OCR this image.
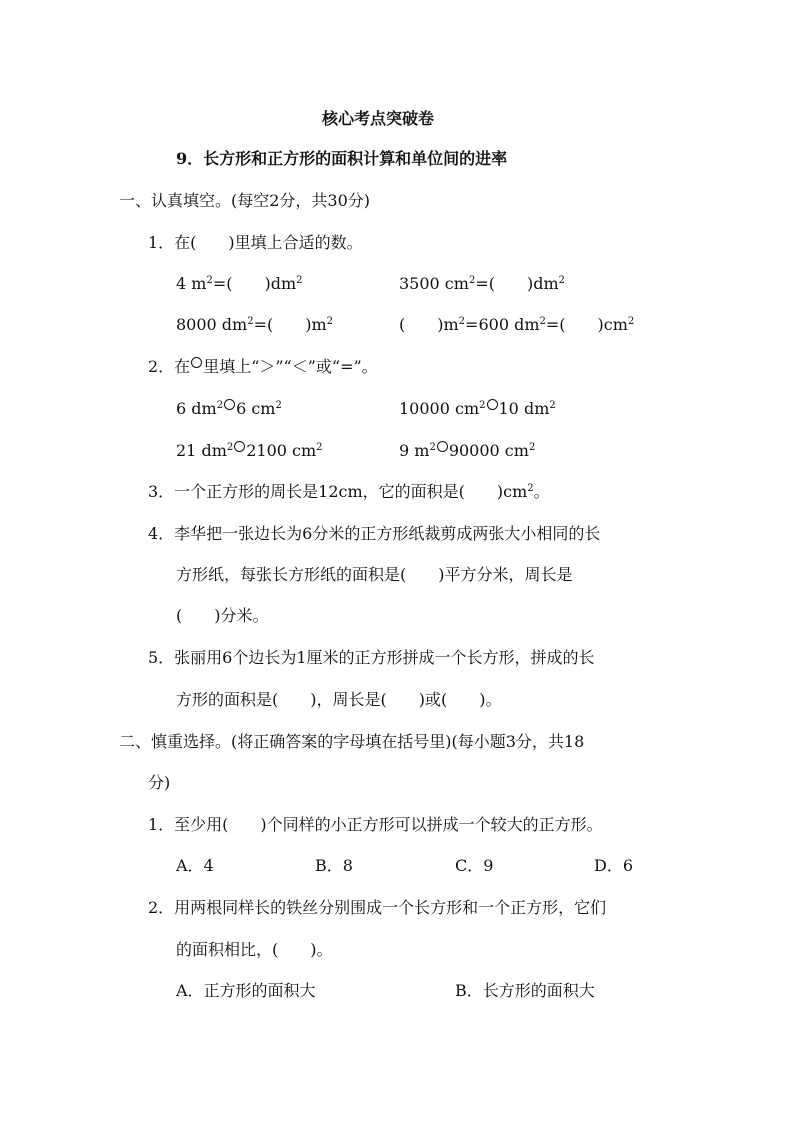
核心考点突破卷
9．长方形和正方形的面积计算和单位间的进率
一、认真填空。(每空2分，共30分)
1．在(　　)里填上合适的数。
4 $m^2=$(　　)$dm^2$	3500 $cm^2=$(　　)$dm^2$
8000 $dm^2=$(　　)$m^2$	(　　)$m^2=600$ $dm^2=$(　　)$cm^2$
2．在 里填上“＞”“＜”或“=”。
6 $dm^2$ 6 $cm^2$	10000 $cm^2$ 10 $dm^2$
21 $dm^2$ 2100 $cm^2$	9 $m^2$ 90000 $cm^2$
3．一个正方形的周长是12cm，它的面积是(　　)$cm^2$。
4．李华把一张边长为6分米的正方形纸裁剪成两张大小相同的长
方形纸，每张长方形纸的面积是(　　)平方分米，周长是
(　　)分米。
5．张丽用6个边长为1厘米的正方形拼成一个长方形，拼成的长
方形的面积是(　　)，周长是(　　)或(　　)。
二、慎重选择。(将正确答案的字母填在括号里)(每小题3分，共18
分)
1．至少用(　　)个同样的小正方形可以拼成一个较大的正方形。
A．4	B．8	C．9	D．6
2．用两根同样长的铁丝分别围成一个长方形和一个正方形，它们
的面积相比，(　　)。
A．正方形的面积大	B．长方形的面积大
